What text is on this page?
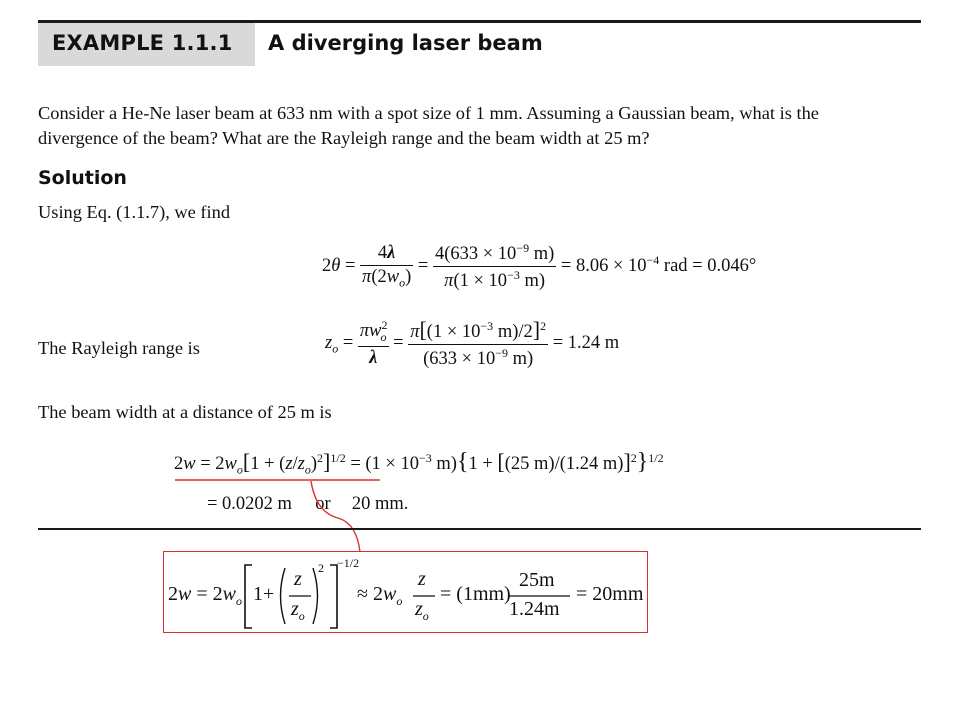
EXAMPLE 1.1.1 A diverging laser beam
Consider a He-Ne laser beam at 633 nm with a spot size of 1 mm. Assuming a Gaussian beam, what is the
divergence of the beam? What are the Rayleigh range and the beam width at 25 m?
Solution
Using Eq. (1.1.7), we find
$2\theta = \frac{4\lambda}{\pi(2w_o)} = \frac{4(633 \times 10^{-9} m)}{\pi(1 \times 10^{-3} m)} = 8.06 \times 10^{-4}$ rad = 0.046°
The Rayleigh range is	$z_o = \frac{\pi w^2_o}{\lambda} = \frac{\pi[(1 \times 10^{-3} m)/2]^2}{(633 \times 10^{-9} m)} = 1.24$ m
The beam width at a distance of 25 m is
$2w = 2w_o[1 + (z/z_o)^2]^{1/2} = (1 \times 10^{-3}$ m){1 + [(25 m)/(1.24 m)]$^2$}$^{1/2}$
= 0.0202 m or 20 mm.
$2w = 2w_o$ 1+
z
$z_o$
2 −1/2
≈ $2w_o$
z
$z_o$
= (1mm)
25m
1.24m
= 20mm
